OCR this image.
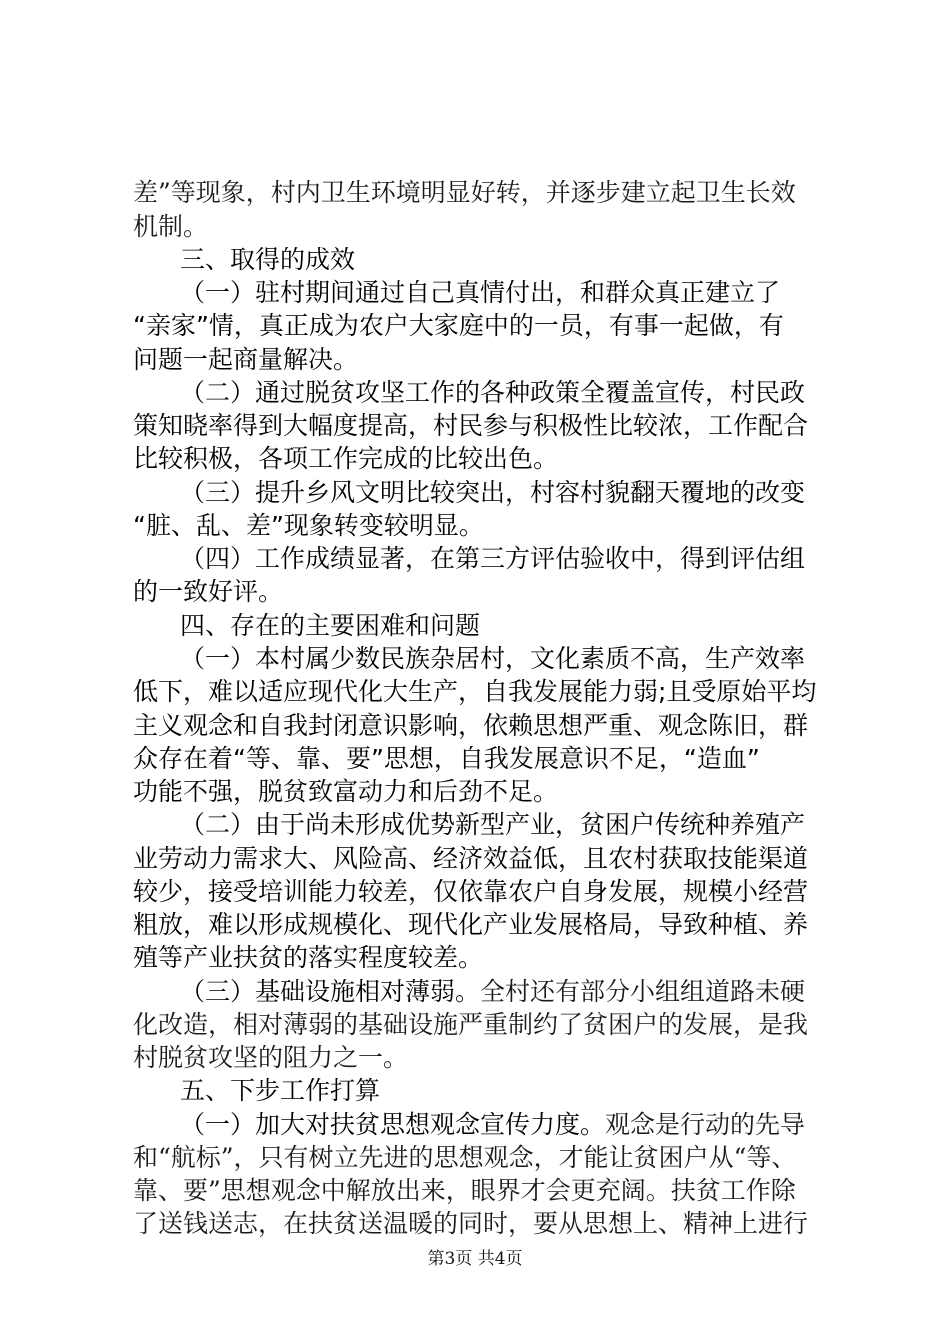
差”等现象，村内卫生环境明显好转，并逐步建立起卫生长效
机制。
三、取得的成效
（一）驻村期间通过自己真情付出，和群众真正建立了
“亲家”情，真正成为农户大家庭中的一员，有事一起做，有
问题一起商量解决。
（二）通过脱贫攻坚工作的各种政策全覆盖宣传，村民政
策知晓率得到大幅度提高，村民参与积极性比较浓，工作配合
比较积极，各项工作完成的比较出色。
（三）提升乡风文明比较突出，村容村貌翻天覆地的改变
“脏、乱、差”现象转变较明显。
（四）工作成绩显著，在第三方评估验收中，得到评估组
的一致好评。
四、存在的主要困难和问题
（一）本村属少数民族杂居村，文化素质不高，生产效率
低下，难以适应现代化大生产，自我发展能力弱;且受原始平均
主义观念和自我封闭意识影响，依赖思想严重、观念陈旧，群
众存在着“等、靠、要”思想，自我发展意识不足，“造血”
功能不强，脱贫致富动力和后劲不足。
（二）由于尚未形成优势新型产业，贫困户传统种养殖产
业劳动力需求大、风险高、经济效益低，且农村获取技能渠道
较少，接受培训能力较差，仅依靠农户自身发展，规模小经营
粗放，难以形成规模化、现代化产业发展格局，导致种植、养
殖等产业扶贫的落实程度较差。
（三）基础设施相对薄弱。全村还有部分小组组道路未硬
化改造，相对薄弱的基础设施严重制约了贫困户的发展，是我
村脱贫攻坚的阻力之一。
五、下步工作打算
（一）加大对扶贫思想观念宣传力度。观念是行动的先导
和“航标”，只有树立先进的思想观念，才能让贫困户从“等、
靠、要”思想观念中解放出来，眼界才会更充阔。扶贫工作除
了送钱送志，在扶贫送温暖的同时，要从思想上、精神上进行
第3页 共4页
